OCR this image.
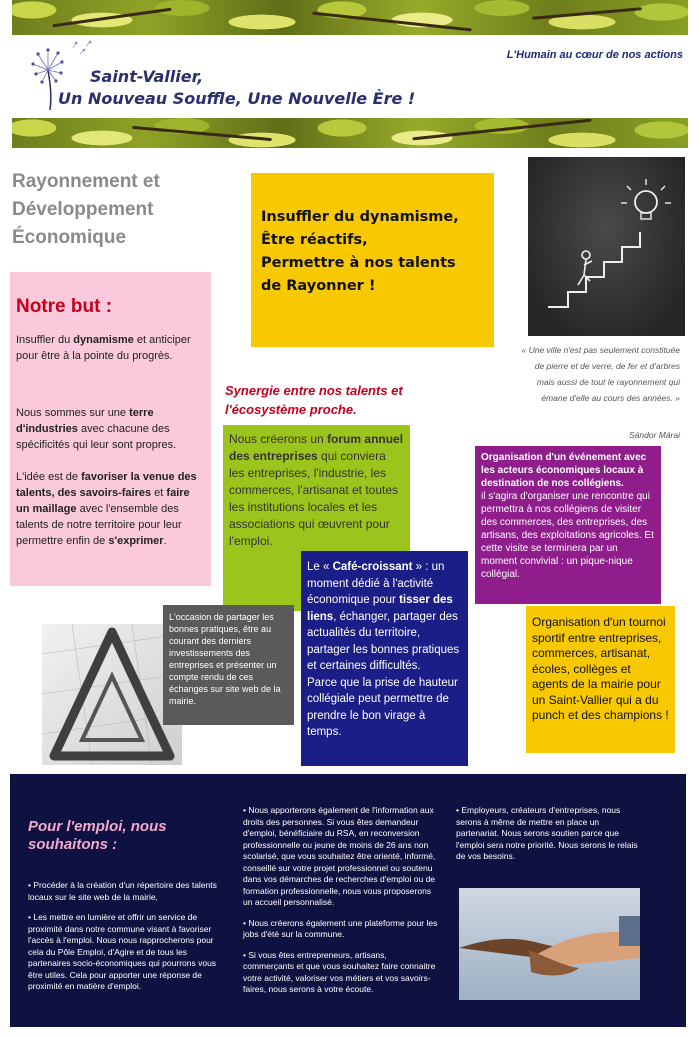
L'Humain au cœur de nos actions
Saint-Vallier,
Un Nouveau Souffle, Une Nouvelle Ère !
Rayonnement et
Développement
Économique
Notre but :

Insuffler du dynamisme et anticiper pour être à la pointe du progrès.

Nous sommes sur une terre d'industries avec chacune des spécificités qui leur sont propres.

L'idée est de favoriser la venue des talents, des savoirs-faires et faire un maillage avec l'ensemble des talents de notre territoire pour leur permettre enfin de s'exprimer.

Insuffler du dynamisme,
Être réactifs,
Permettre à nos talents
de Rayonner !
« Une ville n'est pas seulement constituée de pierre et de verre, de fer et d'arbres mais aussi de tout le rayonnement qui émane d'elle au cours des années. »
Sándor Márai
Synergie entre nos talents et l'écosystème proche.

Nous créerons un forum annuel des entreprises qui conviera les entreprises, l'industrie, les commerces, l'artisanat et toutes les institutions locales et les associations qui œuvrent pour l'emploi.

Organisation d'un événement avec les acteurs économiques locaux à destination de nos collégiens.

il s'agira d'organiser une rencontre qui permettra à nos collégiens de visiter des commerces, des entreprises, des artisans, des exploitations agricoles. Et cette visite se terminera par un moment convivial : un pique-nique collégial.

L'occasion de partager les bonnes pratiques, être au courant des derniers investissements des entreprises et présenter un compte rendu de ces échanges sur site web de la mairie.

Le « Café-croissant » : un moment dédié à l'activité économique pour tisser des liens, échanger, partager des actualités du territoire, partager les bonnes pratiques et certaines difficultés.

Parce que la prise de hauteur collégiale peut permettre de prendre le bon virage à temps.

Organisation d'un tournoi sportif entre entreprises, commerces, artisanat, écoles, collèges et agents de la mairie pour un Saint-Vallier qui a du punch et des champions !

Pour l'emploi, nous souhaitons :

• Procéder à la création d'un répertoire des talents locaux sur le site web de la mairie,

• Les mettre en lumière et offrir un service de proximité dans notre commune visant à favoriser l'accès à l'emploi. Nous nous rapprocherons pour cela du Pôle Emploi, d'Agire et de tous les partenaires socio-économiques qui pourrons vous être utiles. Cela pour apporter une réponse de proximité en matière d'emploi.

• Nous apporterons également de l'information aux droits des personnes. Si vous êtes demandeur d'emploi, bénéficiaire du RSA, en reconversion professionnelle ou jeune de moins de 26 ans non scolarisé, que vous souhaitez être orienté, informé, conseillé sur votre projet professionnel ou soutenu dans vos démarches de recherches d'emploi ou de formation professionnelle, nous vous proposerons un accueil personnalisé.

• Nous créerons également une plateforme pour les jobs d'été sur la commune.

• Si vous êtes entrepreneurs, artisans, commerçants et que vous souhaitez faire connaitre votre activité, valoriser vos métiers et vos savoirs-faires, nous serons à votre écoute.

• Employeurs, créateurs d'entreprises, nous serons à même de mettre en place un partenariat. Nous serons soutien parce que l'emploi sera notre priorité. Nous serons le relais de vos besoins.
